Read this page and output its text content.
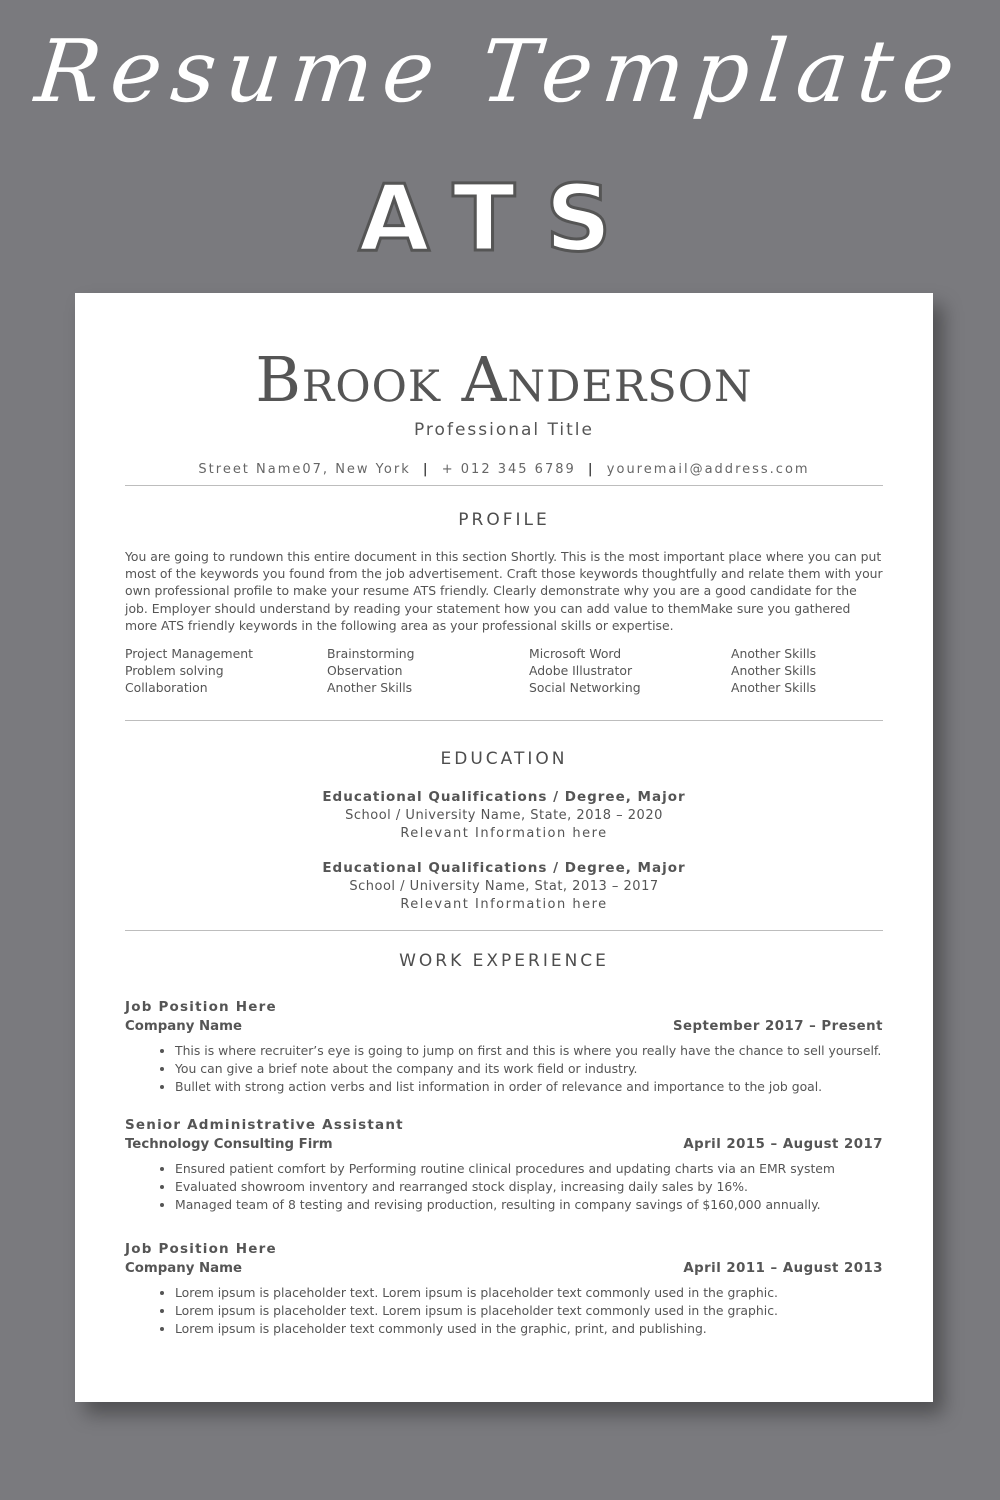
Resume Template
ATS
Brook Anderson
Professional Title
Street Name07, New York | + 012 345 6789 | youremail@address.com
PROFILE
You are going to rundown this entire document in this section Shortly. This is the most important place where you can put most of the keywords you found from the job advertisement. Craft those keywords thoughtfully and relate them with your own professional profile to make your resume ATS friendly. Clearly demonstrate why you are a good candidate for the job. Employer should understand by reading your statement how you can add value to themMake sure you gathered more ATS friendly keywords in the following area as your professional skills or expertise.
Project Management	Brainstorming	Microsoft Word	Another Skills
Problem solving	Observation	Adobe Illustrator	Another Skills
Collaboration	Another Skills	Social Networking	Another Skills
EDUCATION
Educational Qualifications / Degree, Major
School / University Name, State, 2018 – 2020
Relevant Information here
Educational Qualifications / Degree, Major
School / University Name, Stat, 2013 – 2017
Relevant Information here
WORK EXPERIENCE
Job Position Here
Company Name	September 2017 – Present
• This is where recruiter’s eye is going to jump on first and this is where you really have the chance to sell yourself.
• You can give a brief note about the company and its work field or industry.
• Bullet with strong action verbs and list information in order of relevance and importance to the job goal.
Senior Administrative Assistant
Technology Consulting Firm	April 2015 – August 2017
• Ensured patient comfort by Performing routine clinical procedures and updating charts via an EMR system
• Evaluated showroom inventory and rearranged stock display, increasing daily sales by 16%.
• Managed team of 8 testing and revising production, resulting in company savings of $160,000 annually.
Job Position Here
Company Name	April 2011 – August 2013
• Lorem ipsum is placeholder text. Lorem ipsum is placeholder text commonly used in the graphic.
• Lorem ipsum is placeholder text. Lorem ipsum is placeholder text commonly used in the graphic.
• Lorem ipsum is placeholder text commonly used in the graphic, print, and publishing.
